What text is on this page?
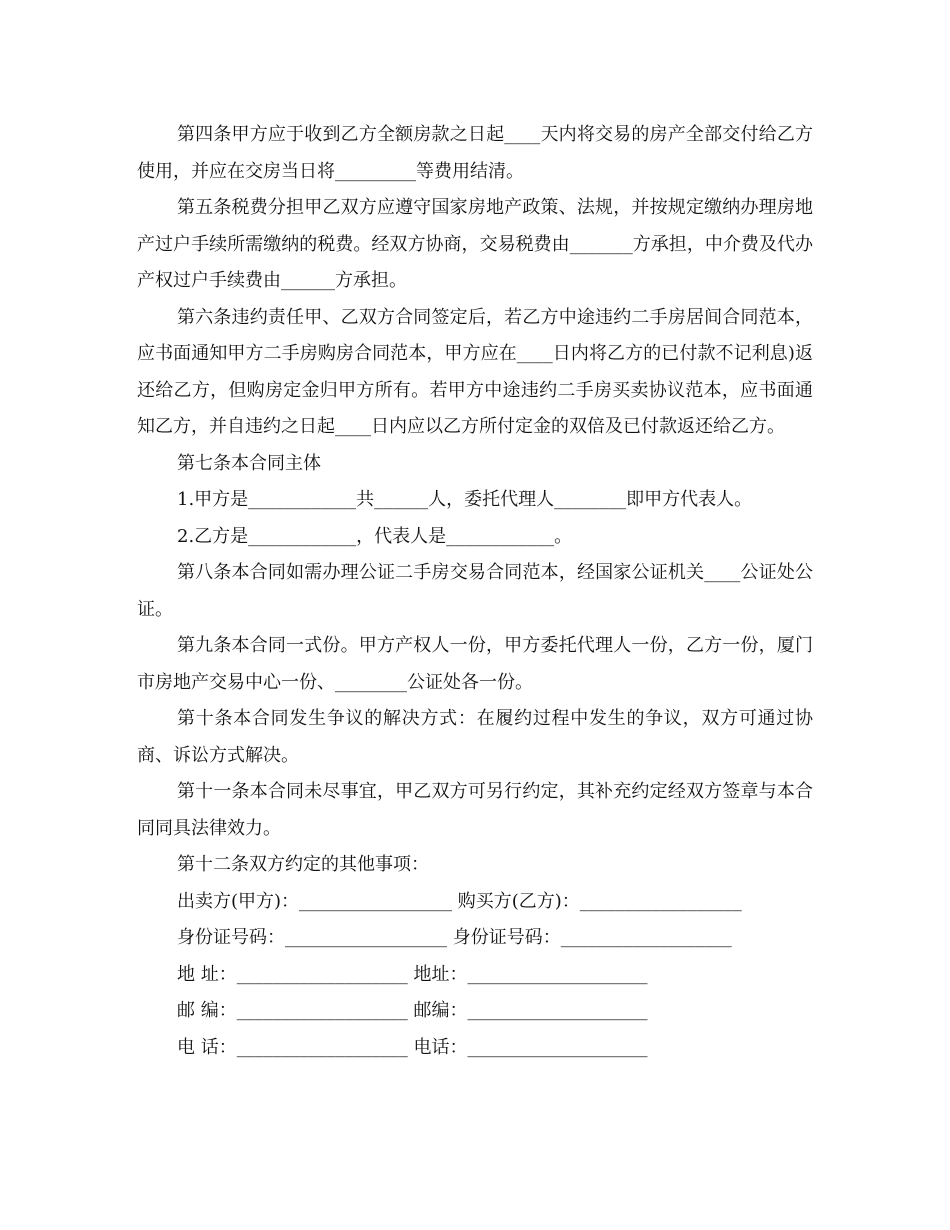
第四条甲方应于收到乙方全额房款之日起____天内将交易的房产全部交付给乙方使用，并应在交房当日将_________等费用结清。

第五条税费分担甲乙双方应遵守国家房地产政策、法规，并按规定缴纳办理房地产过户手续所需缴纳的税费。经双方协商，交易税费由_______方承担，中介费及代办产权过户手续费由______方承担。

第六条违约责任甲、乙双方合同签定后，若乙方中途违约二手房居间合同范本，应书面通知甲方二手房购房合同范本，甲方应在____日内将乙方的已付款不记利息)返还给乙方，但购房定金归甲方所有。若甲方中途违约二手房买卖协议范本，应书面通知乙方，并自违约之日起____日内应以乙方所付定金的双倍及已付款返还给乙方。

第七条本合同主体

1.甲方是____________共______人，委托代理人________即甲方代表人。

2.乙方是____________，代表人是____________。

第八条本合同如需办理公证二手房交易合同范本，经国家公证机关____公证处公证。

第九条本合同一式份。甲方产权人一份，甲方委托代理人一份，乙方一份，厦门市房地产交易中心一份、________公证处各一份。

第十条本合同发生争议的解决方式：在履约过程中发生的争议，双方可通过协商、诉讼方式解决。

第十一条本合同未尽事宜，甲乙双方可另行约定，其补充约定经双方签章与本合同同具法律效力。

第十二条双方约定的其他事项：

出卖方(甲方)：_________________ 购买方(乙方)：__________________

身份证号码：__________________ 身份证号码：___________________

地 址：___________________ 地址：____________________

邮 编：___________________ 邮编：____________________

电 话：___________________ 电话：____________________
